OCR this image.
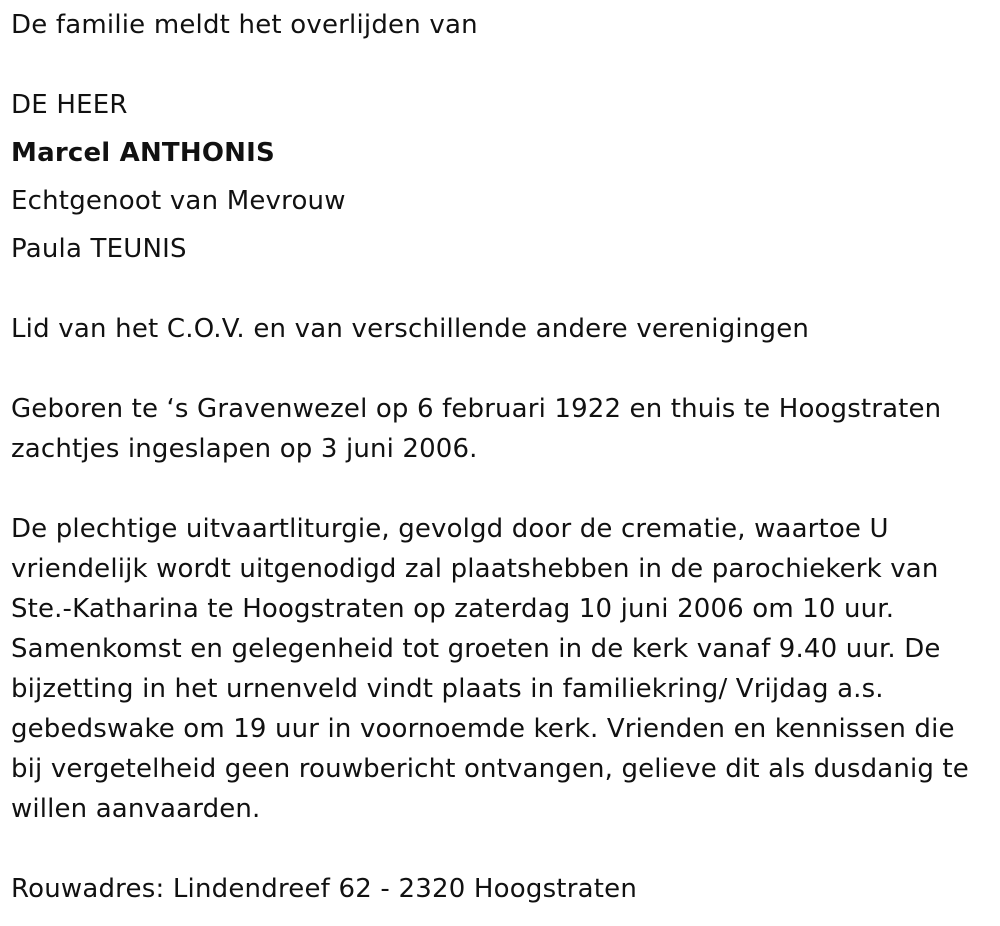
De familie meldt het overlijden van
DE HEER
Marcel ANTHONIS
Echtgenoot van Mevrouw
Paula TEUNIS
Lid van het C.O.V. en van verschillende andere verenigingen
Geboren te ‘s Gravenwezel op 6 februari 1922 en thuis te Hoogstraten
zachtjes ingeslapen op 3 juni 2006.
De plechtige uitvaartliturgie, gevolgd door de crematie, waartoe U
vriendelijk wordt uitgenodigd zal plaatshebben in de parochiekerk van
Ste.-Katharina te Hoogstraten op zaterdag 10 juni 2006 om 10 uur.
Samenkomst en gelegenheid tot groeten in de kerk vanaf 9.40 uur. De
bijzetting in het urnenveld vindt plaats in familiekring/ Vrijdag a.s.
gebedswake om 19 uur in voornoemde kerk. Vrienden en kennissen die
bij vergetelheid geen rouwbericht ontvangen, gelieve dit als dusdanig te
willen aanvaarden.
Rouwadres: Lindendreef 62 - 2320 Hoogstraten
